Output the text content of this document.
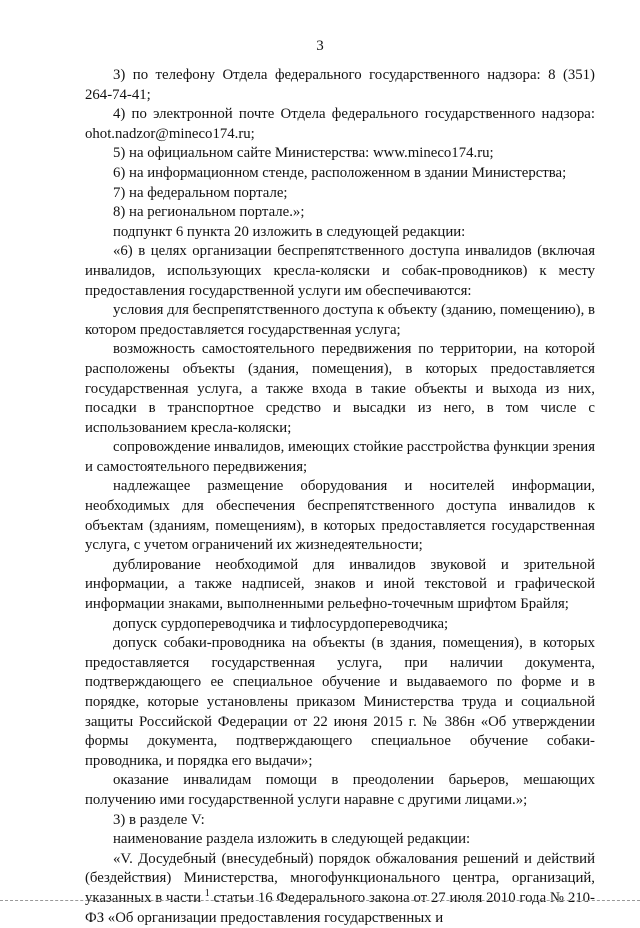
3

3) по телефону Отдела федерального государственного надзора: 8 (351) 264-74-41;

4) по электронной почте Отдела федерального государственного надзора: ohot.nadzor@mineco174.ru;

5) на официальном сайте Министерства: www.mineco174.ru;

6) на информационном стенде, расположенном в здании Министерства;

7) на федеральном портале;

8) на региональном портале.»;

подпункт 6 пункта 20 изложить в следующей редакции:

«6) в целях организации беспрепятственного доступа инвалидов (включая инвалидов, использующих кресла-коляски и собак-проводников) к месту предоставления государственной услуги им обеспечиваются:

условия для беспрепятственного доступа к объекту (зданию, помещению), в котором предоставляется государственная услуга;

возможность самостоятельного передвижения по территории, на которой расположены объекты (здания, помещения), в которых предоставляется государственная услуга, а также входа в такие объекты и выхода из них, посадки в транспортное средство и высадки из него, в том числе с использованием кресла-коляски;

сопровождение инвалидов, имеющих стойкие расстройства функции зрения и самостоятельного передвижения;

надлежащее размещение оборудования и носителей информации, необходимых для обеспечения беспрепятственного доступа инвалидов к объектам (зданиям, помещениям), в которых предоставляется государственная услуга, с учетом ограничений их жизнедеятельности;

дублирование необходимой для инвалидов звуковой и зрительной информации, а также надписей, знаков и иной текстовой и графической информации знаками, выполненными рельефно-точечным шрифтом Брайля;

допуск сурдопереводчика и тифлосурдопереводчика;

допуск собаки-проводника на объекты (в здания, помещения), в которых предоставляется государственная услуга, при наличии документа, подтверждающего ее специальное обучение и выдаваемого по форме и в порядке, которые установлены приказом Министерства труда и социальной защиты Российской Федерации от 22 июня 2015 г. № 386н «Об утверждении формы документа, подтверждающего специальное обучение собаки-проводника, и порядка его выдачи»;

оказание инвалидам помощи в преодолении барьеров, мешающих получению ими государственной услуги наравне с другими лицами.»;

3) в разделе V:

наименование раздела изложить в следующей редакции:

«V. Досудебный (внесудебный) порядок обжалования решений и действий (бездействия) Министерства, многофункционального центра, организаций, указанных в части $^1$ статьи 16 Федерального закона от 27 июля 2010 года № 210-ФЗ «Об организации предоставления государственных и
